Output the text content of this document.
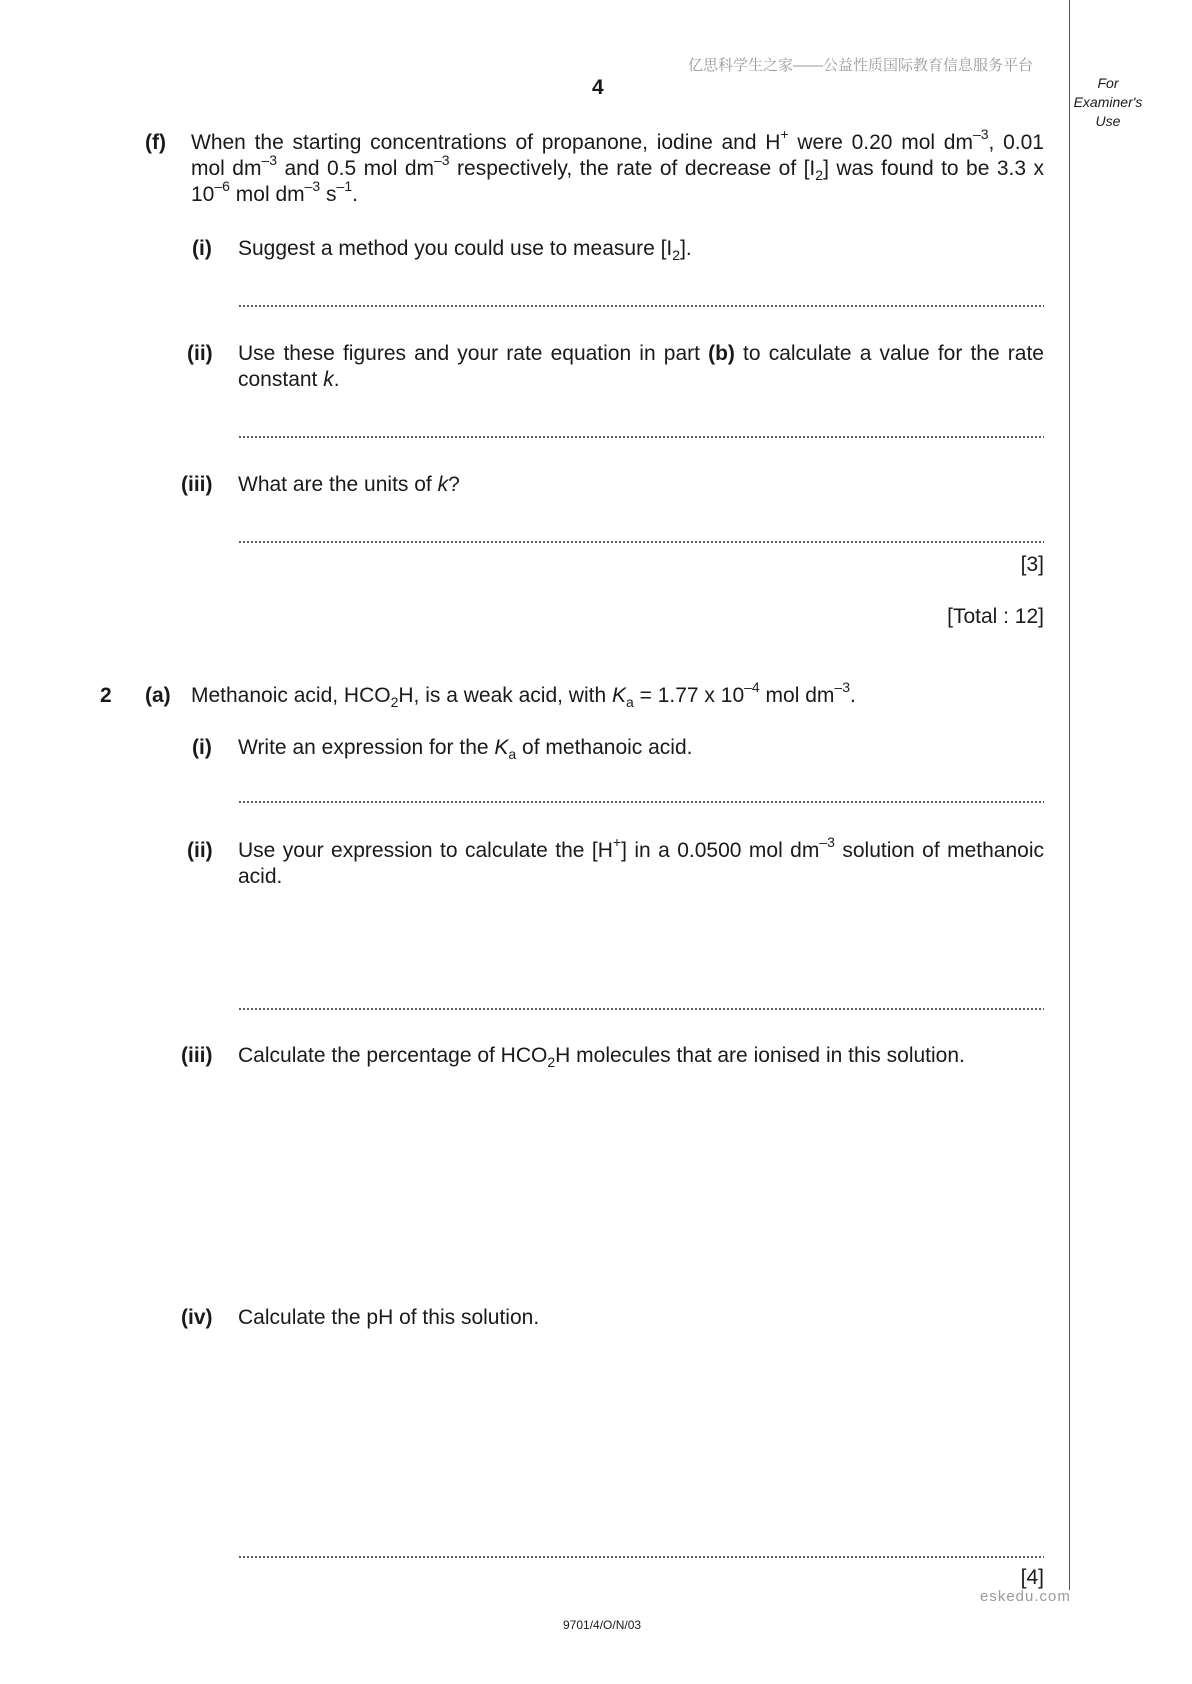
亿思科学生之家——公益性质国际教育信息服务平台
4	For
Examiner's
Use
(f) When the starting concentrations of propanone, iodine and H+ were 0.20 mol $dm^{-3}$, 0.01 mol $dm^{-3}$ and 0.5 mol $dm^{-3}$ respectively, the rate of decrease of $[I_2]$ was found to be 3.3 x $10^{-6}$ mol $dm^{-3}$ $s^{-1}$.
(i) Suggest a method you could use to measure $[I_2]$.
(ii) Use these figures and your rate equation in part (b) to calculate a value for the rate constant k.
(iii) What are the units of k?
[3]
[Total : 12]
2 (a) Methanoic acid, $HCO_2H$, is a weak acid, with $K_a = 1.77$ x $10^{-4}$ mol $dm^{-3}$.
(i) Write an expression for the $K_a$ of methanoic acid.
(ii) Use your expression to calculate the [H+] in a 0.0500 mol $dm^{-3}$ solution of methanoic acid.
(iii) Calculate the percentage of $HCO_2H$ molecules that are ionised in this solution.
(iv) Calculate the pH of this solution.
[4]
eskedu.com
9701/4/O/N/03
